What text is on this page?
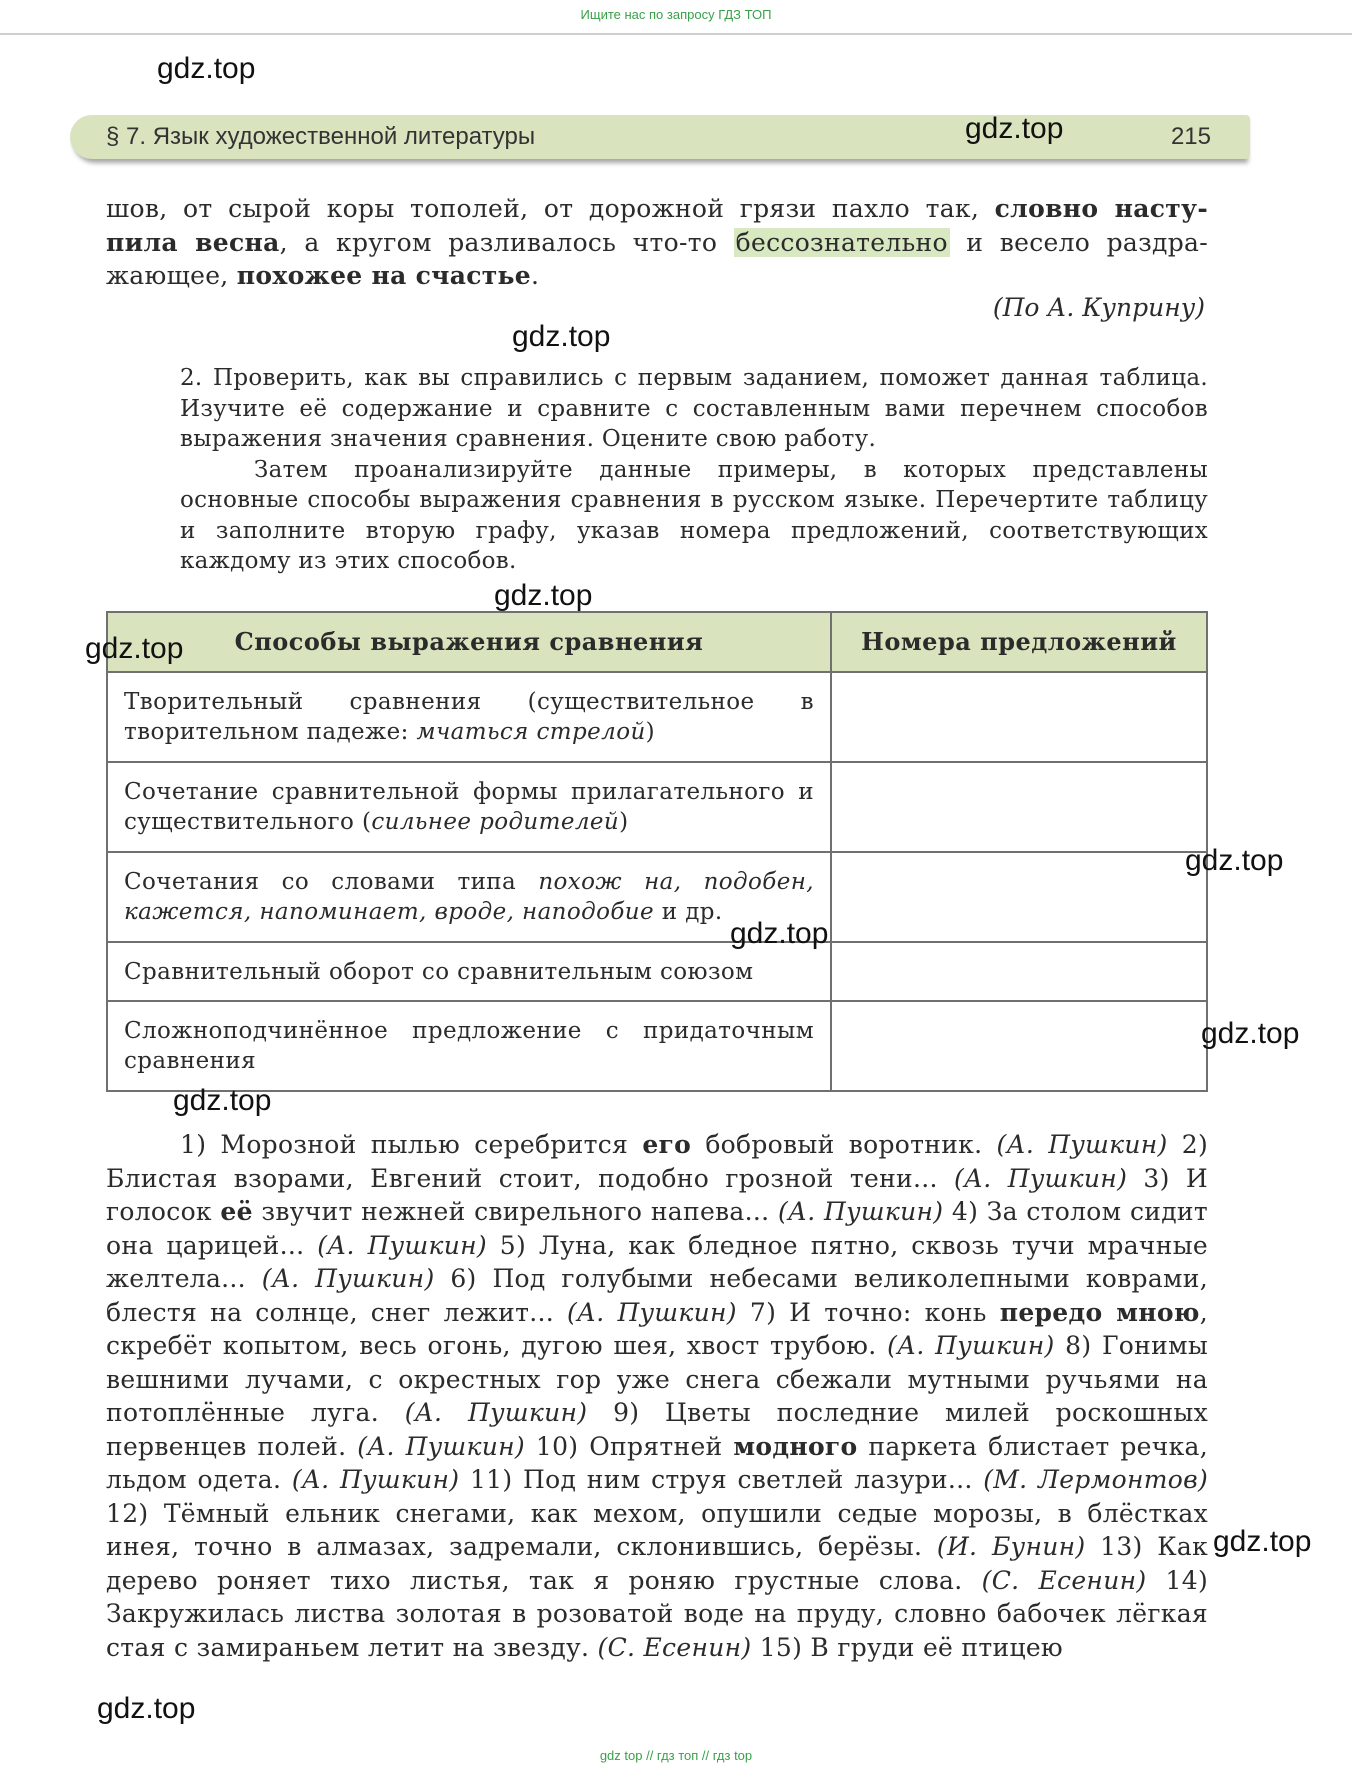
Ищите нас по запросу ГДЗ ТОП
§ 7. Язык художественной литературы	215
шов, от сырой коры тополей, от дорожной грязи пахло так, словно насту-
пила весна, а кругом разливалось что-то бессознательно и весело раздра-
жающее, похожее на счастье.
(По А. Куприну)
2. Проверить, как вы справились с первым заданием, поможет данная таблица. Изучите её содержание и сравните с составленным вами перечнем способов выражения значения сравнения. Оцените свою работу.
Затем проанализируйте данные примеры, в которых представлены основные способы выражения сравнения в русском языке. Перечертите таблицу и заполните вторую графу, указав номера предложений, соответствующих каждому из этих способов.
Способы выражения сравнения	Номера предложений
Творительный сравнения (существительное в творительном падеже: мчаться стрелой)	
Сочетание сравнительной формы прилагательного и существительного (сильнее родителей)	
Сочетания со словами типа похож на, подобен, кажется, напоминает, вроде, наподобие и др.	
Сравнительный оборот со сравнительным союзом	
Сложноподчинённое предложение с придаточным сравнения	
1) Морозной пылью серебрится его бобровый воротник. (А. Пушкин) 2) Блистая взорами, Евгений стоит, подобно грозной тени... (А. Пушкин) 3) И голосок её звучит нежней свирельного напева... (А. Пушкин) 4) За столом сидит она царицей... (А. Пушкин) 5) Луна, как бледное пятно, сквозь тучи мрачные желтела... (А. Пушкин) 6) Под голубыми небесами великолепными коврами, блестя на солнце, снег лежит... (А. Пушкин) 7) И точно: конь передо мною, скребёт копытом, весь огонь, дугою шея, хвост трубою. (А. Пушкин) 8) Гонимы вешними лучами, с окрестных гор уже снега сбежали мутными ручьями на потоплённые луга. (А. Пушкин) 9) Цветы последние милей роскошных первенцев полей. (А. Пушкин) 10) Опрятней модного паркета блистает речка, льдом одета. (А. Пушкин) 11) Под ним струя светлей лазури... (М. Лермонтов) 12) Тёмный ельник снегами, как мехом, опушили седые морозы, в блёстках инея, точно в алмазах, задремали, склонившись, берёзы. (И. Бунин) 13) Как дерево роняет тихо листья, так я роняю грустные слова. (С. Есенин) 14) Закружилась листва золотая в розоватой воде на пруду, словно бабочек лёгкая стая с замираньем летит на звезду. (С. Есенин) 15) В груди её птицею
gdz.top
gdz.top
gdz.top
gdz.top
gdz.top
gdz.top
gdz.top
gdz.top
gdz.top
gdz.top
gdz.top
gdz top // гдз топ // гдз top
